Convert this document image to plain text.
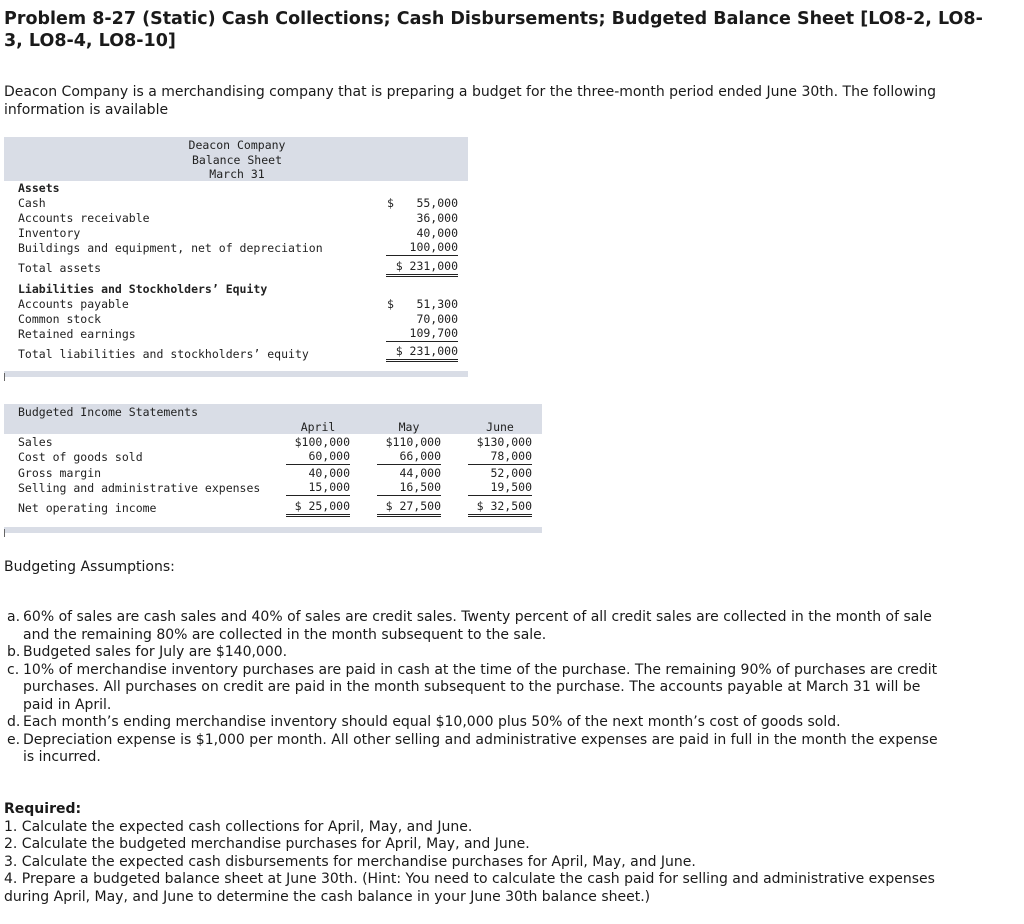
Problem 8-27 (Static) Cash Collections; Cash Disbursements; Budgeted Balance Sheet [LO8-2, LO8-3, LO8-4, LO8-10]
Deacon Company is a merchandising company that is preparing a budget for the three-month period ended June 30th. The following information is available
Deacon Company
Balance Sheet
March 31
Assets
Cash	$	55,000
Accounts receivable	36,000
Inventory	40,000
Buildings and equipment, net of depreciation	100,000
Total assets	$ 231,000
Liabilities and Stockholders’ Equity
Accounts payable	$	51,300
Common stock	70,000
Retained earnings	109,700
Total liabilities and stockholders’ equity	$ 231,000
Budgeted Income Statements
April	May	June
Sales	$100,000	$110,000	$130,000
Cost of goods sold	60,000	66,000	78,000
Gross margin	40,000	44,000	52,000
Selling and administrative expenses	15,000	16,500	19,500
Net operating income	$ 25,000	$ 27,500	$ 32,500
Budgeting Assumptions:
a. 60% of sales are cash sales and 40% of sales are credit sales. Twenty percent of all credit sales are collected in the month of sale and the remaining 80% are collected in the month subsequent to the sale.
b. Budgeted sales for July are $140,000.
c. 10% of merchandise inventory purchases are paid in cash at the time of the purchase. The remaining 90% of purchases are credit purchases. All purchases on credit are paid in the month subsequent to the purchase. The accounts payable at March 31 will be paid in April.
d. Each month’s ending merchandise inventory should equal $10,000 plus 50% of the next month’s cost of goods sold.
e. Depreciation expense is $1,000 per month. All other selling and administrative expenses are paid in full in the month the expense is incurred.
Required:
1. Calculate the expected cash collections for April, May, and June.
2. Calculate the budgeted merchandise purchases for April, May, and June.
3. Calculate the expected cash disbursements for merchandise purchases for April, May, and June.
4. Prepare a budgeted balance sheet at June 30th. (Hint: You need to calculate the cash paid for selling and administrative expenses during April, May, and June to determine the cash balance in your June 30th balance sheet.)
